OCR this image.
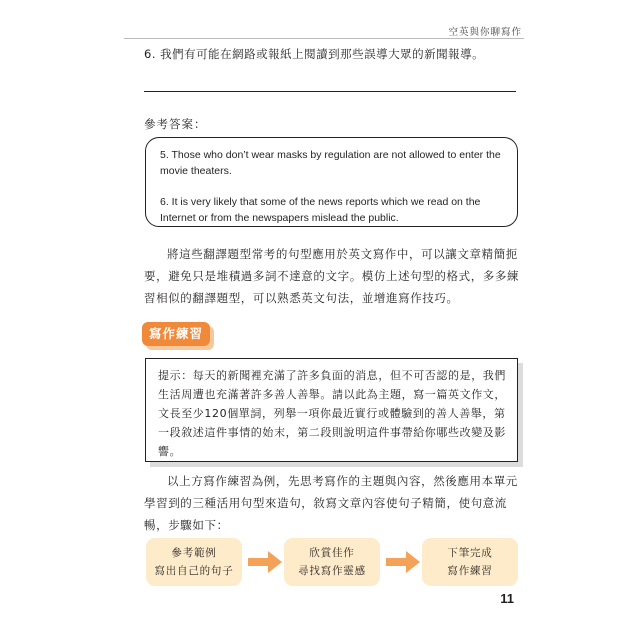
空英與你聊寫作
6. 我們有可能在網路或報紙上閱讀到那些誤導大眾的新聞報導。
參考答案：
5. Those who don’t wear masks by regulation are not allowed to enter the movie theaters.
6. It is very likely that some of the news reports which we read on the Internet or from the newspapers mislead the public.
將這些翻譯題型常考的句型應用於英文寫作中，可以讓文章精簡扼要，避免只是堆積過多詞不達意的文字。模仿上述句型的格式，多多練習相似的翻譯題型，可以熟悉英文句法，並增進寫作技巧。
寫作練習
提示：每天的新聞裡充滿了許多負面的消息，但不可否認的是，我們生活周遭也充滿著許多善人善舉。請以此為主題，寫一篇英文作文，文長至少120個單詞，列舉一項你最近實行或體驗到的善人善舉，第一段敘述這件事情的始末，第二段則說明這件事帶給你哪些改變及影響。
以上方寫作練習為例，先思考寫作的主題與內容，然後應用本單元學習到的三種活用句型來造句，敘寫文章內容使句子精簡，使句意流暢，步驟如下：
參考範例
寫出自己的句子
欣賞佳作
尋找寫作靈感
下筆完成
寫作練習
11
